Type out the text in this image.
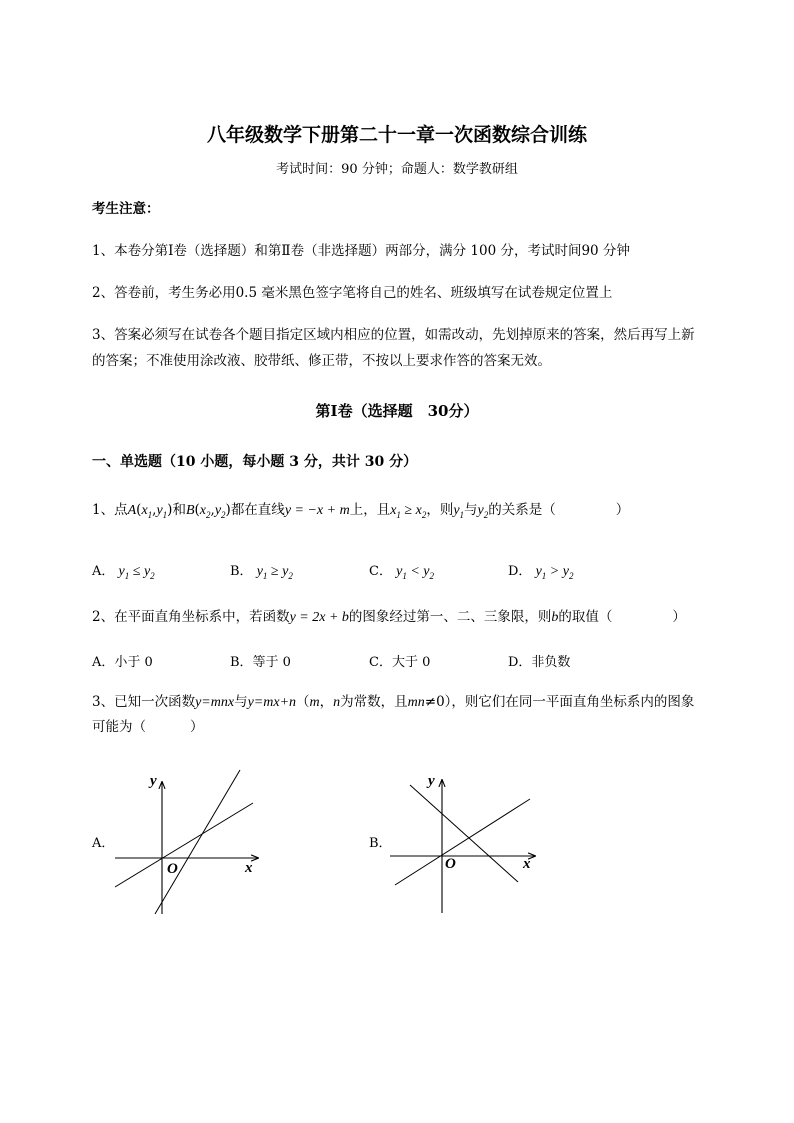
八年级数学下册第二十一章一次函数综合训练
考试时间：90 分钟；命题人：数学教研组
考生注意：
1、本卷分第Ⅰ卷（选择题）和第Ⅱ卷（非选择题）两部分，满分 100 分，考试时间90 分钟
2、答卷前，考生务必用0.5 毫米黑色签字笔将自己的姓名、班级填写在试卷规定位置上
3、答案必须写在试卷各个题目指定区域内相应的位置，如需改动，先划掉原来的答案，然后再写上新
的答案；不准使用涂改液、胶带纸、修正带，不按以上要求作答的答案无效。
第Ⅰ卷（选择题　30分）
一、单选题（10 小题，每小题 3 分，共计 30 分）
1、点$A(x_1,y_1)$和$B(x_2,y_2)$都在直线y = −x + m上，且$x_1 \ge x_2$，则$y_1$与$y_2$的关系是（	）
A． $y_1 \le y_2$	B． $y_1 \ge y_2$	C． $y_1 < y_2$	D． $y_1 > y_2$
2、在平面直角坐标系中，若函数y = 2x + b的图象经过第一、二、三象限，则b的取值（	）
A．小于 0	B．等于 0	C．大于 0	D．非负数
3、已知一次函数y=mnx与y=mx+n（m，n为常数，且mn≠0），则它们在同一平面直角坐标系内的图象
可能为（	）
A．
y
x
O
B．
y
x
O
